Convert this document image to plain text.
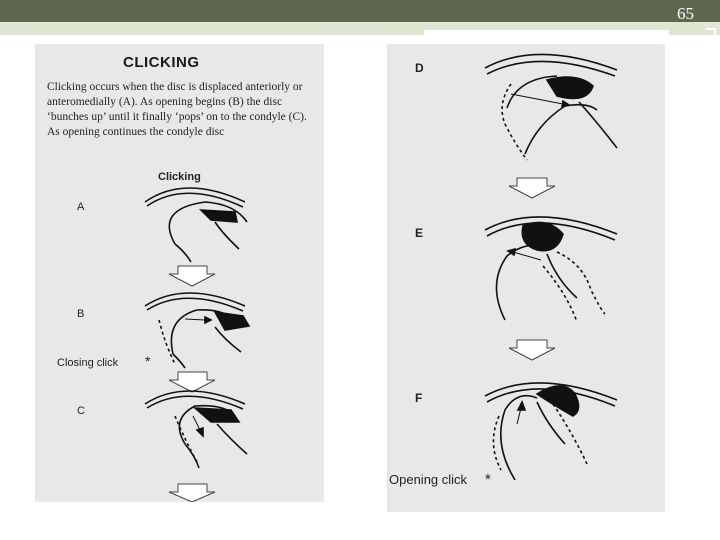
65
CLICKING
Clicking occurs when the disc is displaced anteriorly or anteromedially (A). As opening begins (B) the disc ‘bunches up’ until it finally ‘pops’ on to the condyle (C). As opening continues the condyle disc
Clicking
A
B
Closing click *
C
D
E
F
Opening click *
